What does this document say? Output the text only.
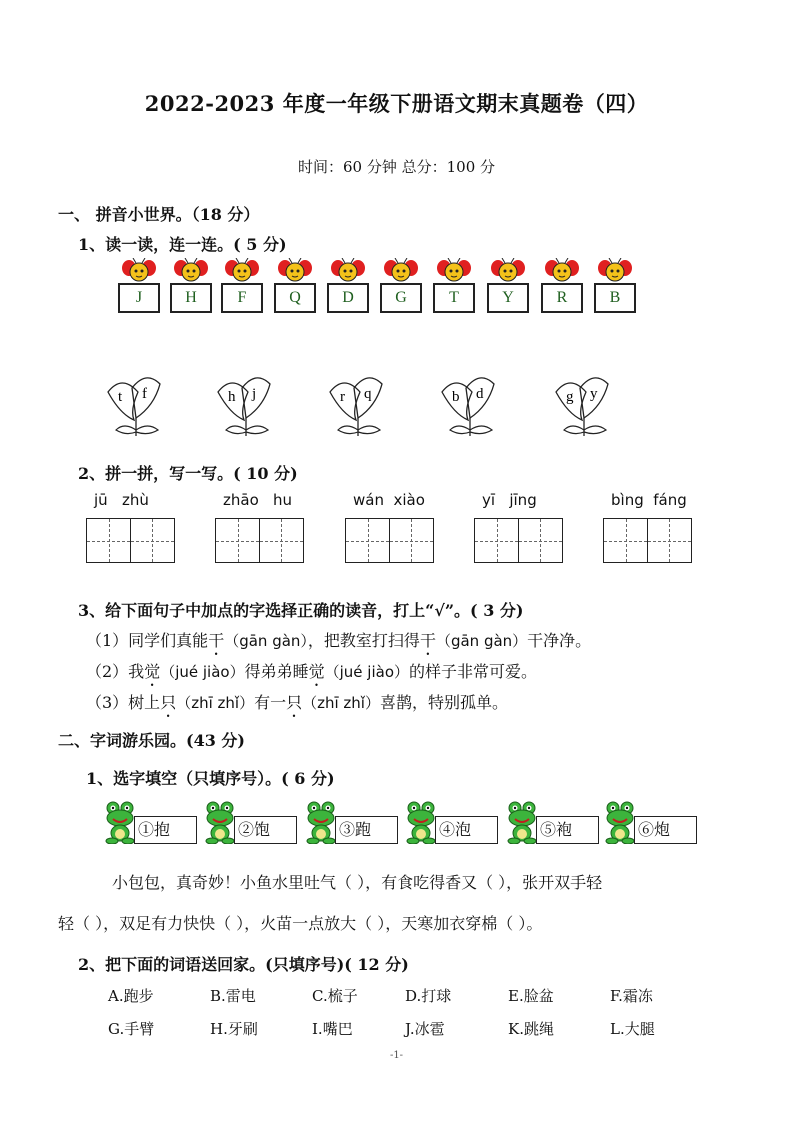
2022-2023 年度一年级下册语文期末真题卷（四）
时间：60 分钟 总分：100 分
一、 拼音小世界。（18 分）
1、读一读，连一连。( 5 分)
J	H	F	Q	D	G	T	Y	R	B
t f	h j	r q	b d	g y
2、拼一拼，写一写。( 10 分)
jū   zhù	zhāo   hu	wán  xiào	yī   jīng	bìng  fáng
3、给下面句子中加点的字选择正确的读音，打上“√”。( 3 分)
（1）同学们真能干（gān gàn），把教室打扫得干（gān gàn）干净净。
（2）我觉（jué jiào）得弟弟睡觉（jué jiào）的样子非常可爱。
（3）树上只（zhī zhǐ）有一只（zhī zhǐ）喜鹊，特别孤单。
二、字词游乐园。(43 分)
1、选字填空（只填序号）。( 6 分)
①抱	②饱	③跑	④泡	⑤袍	⑥炮
小包包，真奇妙！小鱼水里吐气（ ），有食吃得香又（ ），张开双手轻
轻（ ），双足有力快快（ ），火苗一点放大（ ），天寒加衣穿棉（ ）。
2、把下面的词语送回家。(只填序号)( 12 分)
A.跑步	B.雷电	C.梳子	D.打球	E.脸盆	F.霜冻
G.手臂	H.牙刷	I.嘴巴	J.冰雹	K.跳绳	L.大腿
-1-
